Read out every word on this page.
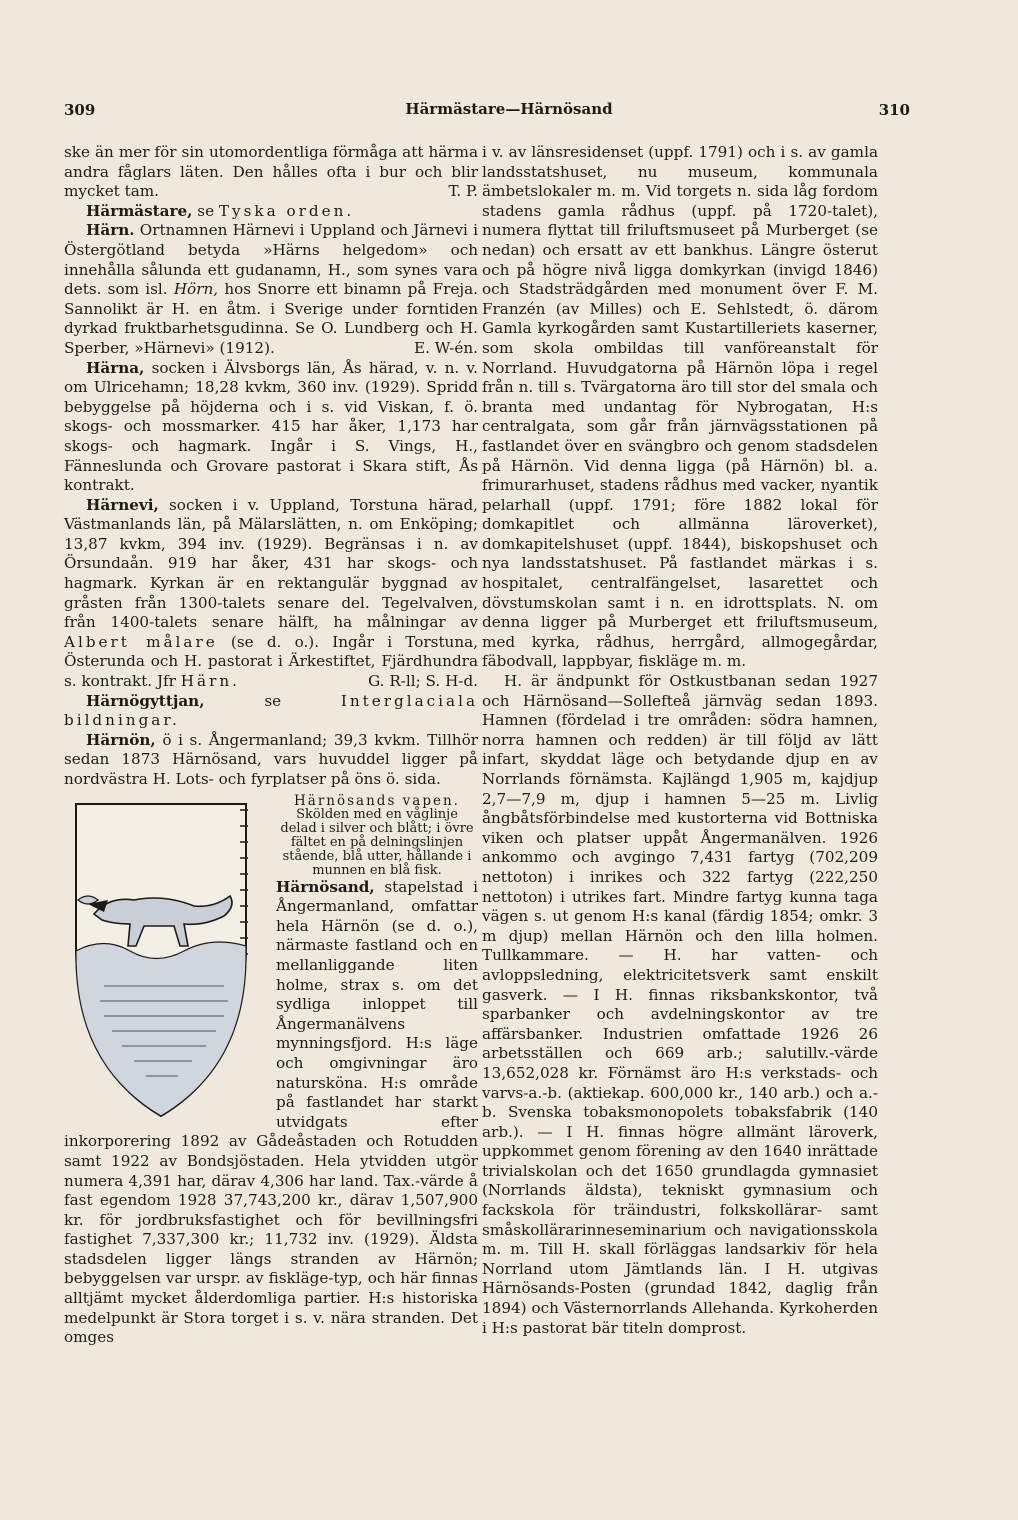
309	Härmästare—Härnösand	310

ske än mer för sin utomordentliga förmåga att härma andra fåglars läten. Den hålles ofta i bur och blir mycket tam.	T. P.

Härmästare, se Tyska orden.

Härn. Ortnamnen Härnevi i Uppland och Järnevi i Östergötland betyda »Härns helgedom» och innehålla sålunda ett gudanamn, H., som synes vara dets. som isl. Hörn, hos Snorre ett binamn på Freja. Sannolikt är H. en åtm. i Sverige under forntiden dyrkad fruktbarhetsgudinna. Se O. Lundberg och H. Sperber, »Härnevi» (1912).	E. W-én.

Härna, socken i Älvsborgs län, Ås härad, v. n. v. om Ulricehamn; 18,28 kvkm, 360 inv. (1929). Spridd bebyggelse på höjderna och i s. vid Viskan, f. ö. skogs- och mossmarker. 415 har åker, 1,173 har skogs- och hagmark. Ingår i S. Vings, H., Fänneslunda och Grovare pastorat i Skara stift, Ås kontrakt.

Härnevi, socken i v. Uppland, Torstuna härad, Västmanlands län, på Mälarslätten, n. om Enköping; 13,87 kvkm, 394 inv. (1929). Begränsas i n. av Örsundaån. 919 har åker, 431 har skogs- och hagmark. Kyrkan är en rektangulär byggnad av gråsten från 1300-talets senare del. Tegelvalven, från 1400-talets senare hälft, ha målningar av Albert målare (se d. o.). Ingår i Torstuna, Österunda och H. pastorat i Ärkestiftet, Fjärdhundra s. kontrakt. Jfr Härn.	G. R-ll; S. H-d.

Härnögyttjan,	se	Interglaciala bildningar.

Härnön, ö i s. Ångermanland; 39,3 kvkm. Tillhör sedan 1873 Härnösand, vars huvuddel ligger på nordvästra H. Lots- och fyrplatser på öns ö. sida.

Härnösands vapen.
Skölden med en våglinje delad i silver och blått; i övre fältet en på delningslinjen stående, blå utter, hållande i munnen en blå fisk.
Härnösand, stapelstad i Ångermanland, omfattar hela Härnön (se d. o.), närmaste fastland och en mellanliggande liten holme, strax s. om det sydliga inloppet till Ångermanälvens mynningsfjord. H:s läge och omgivningar äro natursköna. H:s område på fastlandet har starkt utvidgats efter inkorporering 1892 av Gådeåstaden och Rotudden samt 1922 av Bondsjöstaden. Hela ytvidden utgör numera 4,391 har, därav 4,306 har land. Tax.-värde å fast egendom 1928 37,743,200 kr., därav 1,507,900 kr. för jordbruksfastighet och för bevillningsfri fastighet 7,337,300 kr.; 11,732 inv. (1929). Äldsta stadsdelen ligger längs stranden av Härnön; bebyggelsen var urspr. av fiskläge-typ, och här finnas alltjämt mycket ålderdomliga partier. H:s historiska medelpunkt är Stora torget i s. v. nära stranden. Det omges

i v. av länsresidenset (uppf. 1791) och i s. av gamla landsstatshuset, nu museum, kommunala ämbetslokaler m. m. Vid torgets n. sida låg fordom stadens gamla rådhus (uppf. på 1720-talet), numera flyttat till friluftsmuseet på Murberget (se nedan) och ersatt av ett bankhus. Längre österut och på högre nivå ligga domkyrkan (invigd 1846) och Stadsträdgården med monument över F. M. Franzén (av Milles) och E. Sehlstedt, ö. därom Gamla kyrkogården samt Kustartilleriets kaserner, som skola ombildas till vanföreanstalt för Norrland. Huvudgatorna på Härnön löpa i regel från n. till s. Tvärgatorna äro till stor del smala och branta med undantag för Nybrogatan, H:s centralgata, som går från järnvägsstationen på fastlandet över en svängbro och genom stadsdelen på Härnön. Vid denna ligga (på Härnön) bl. a. frimurarhuset, stadens rådhus med vacker, nyantik pelarhall (uppf. 1791; före 1882 lokal för domkapitlet och allmänna läroverket), domkapitelshuset (uppf. 1844), biskopshuset och nya landsstatshuset. På fastlandet märkas i s. hospitalet, centralfängelset, lasarettet och dövstumskolan samt i n. en idrottsplats. N. om denna ligger på Murberget ett friluftsmuseum, med kyrka, rådhus, herrgård, allmogegårdar, fäbodvall, lappbyar, fiskläge m. m.

H. är ändpunkt för Ostkustbanan sedan 1927 och Härnösand—Sollefteå järnväg sedan 1893. Hamnen (fördelad i tre områden: södra hamnen, norra hamnen och redden) är till följd av lätt infart, skyddat läge och betydande djup en av Norrlands förnämsta. Kajlängd 1,905 m, kajdjup 2,7—7,9 m, djup i hamnen 5—25 m. Livlig ångbåtsförbindelse med kustorterna vid Bottniska viken och platser uppåt Ångermanälven. 1926 ankommo och avgingo 7,431 fartyg (702,209 nettoton) i inrikes och 322 fartyg (222,250 nettoton) i utrikes fart. Mindre fartyg kunna taga vägen s. ut genom H:s kanal (färdig 1854; omkr. 3 m djup) mellan Härnön och den lilla holmen. Tullkammare. — H. har vatten- och avloppsledning, elektricitetsverk samt enskilt gasverk. — I H. finnas riksbankskontor, två sparbanker och avdelningskontor av tre affärsbanker. Industrien omfattade 1926 26 arbetsställen och 669 arb.; salutillv.-värde 13,652,028 kr. Förnämst äro H:s verkstads- och varvs-a.-b. (aktiekap. 600,000 kr., 140 arb.) och a.-b. Svenska tobaksmonopolets tobaksfabrik (140 arb.). — I H. finnas högre allmänt läroverk, uppkommet genom förening av den 1640 inrättade trivialskolan och det 1650 grundlagda gymnasiet (Norrlands äldsta), tekniskt gymnasium och fackskola för träindustri, folkskollärar- samt småskollärarinneseminarium och navigationsskola m. m. Till H. skall förläggas landsarkiv för hela Norrland utom Jämtlands län. I H. utgivas Härnösands-Posten (grundad 1842, daglig från 1894) och Västernorrlands Allehanda. Kyrkoherden i H:s pastorat bär titeln domprost.
